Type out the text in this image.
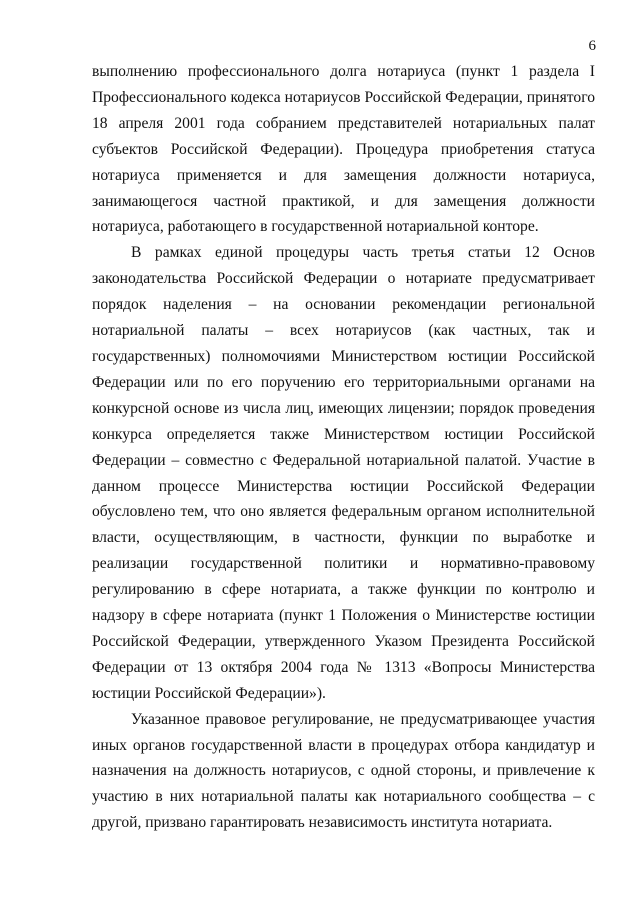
6

выполнению профессионального долга нотариуса (пункт 1 раздела I Профессионального кодекса нотариусов Российской Федерации, принятого 18 апреля 2001 года собранием представителей нотариальных палат субъектов Российской Федерации). Процедура приобретения статуса нотариуса применяется и для замещения должности нотариуса, занимающегося частной практикой, и для замещения должности нотариуса, работающего в государственной нотариальной конторе.

В рамках единой процедуры часть третья статьи 12 Основ законодательства Российской Федерации о нотариате предусматривает порядок наделения – на основании рекомендации региональной нотариальной палаты – всех нотариусов (как частных, так и государственных) полномочиями Министерством юстиции Российской Федерации или по его поручению его территориальными органами на конкурсной основе из числа лиц, имеющих лицензии; порядок проведения конкурса определяется также Министерством юстиции Российской Федерации – совместно с Федеральной нотариальной палатой. Участие в данном процессе Министерства юстиции Российской Федерации обусловлено тем, что оно является федеральным органом исполнительной власти, осуществляющим, в частности, функции по выработке и реализации государственной политики и нормативно-правовому регулированию в сфере нотариата, а также функции по контролю и надзору в сфере нотариата (пункт 1 Положения о Министерстве юстиции Российской Федерации, утвержденного Указом Президента Российской Федерации от 13 октября 2004 года № 1313 «Вопросы Министерства юстиции Российской Федерации»).

Указанное правовое регулирование, не предусматривающее участия иных органов государственной власти в процедурах отбора кандидатур и назначения на должность нотариусов, с одной стороны, и привлечение к участию в них нотариальной палаты как нотариального сообщества – с другой, призвано гарантировать независимость института нотариата.
